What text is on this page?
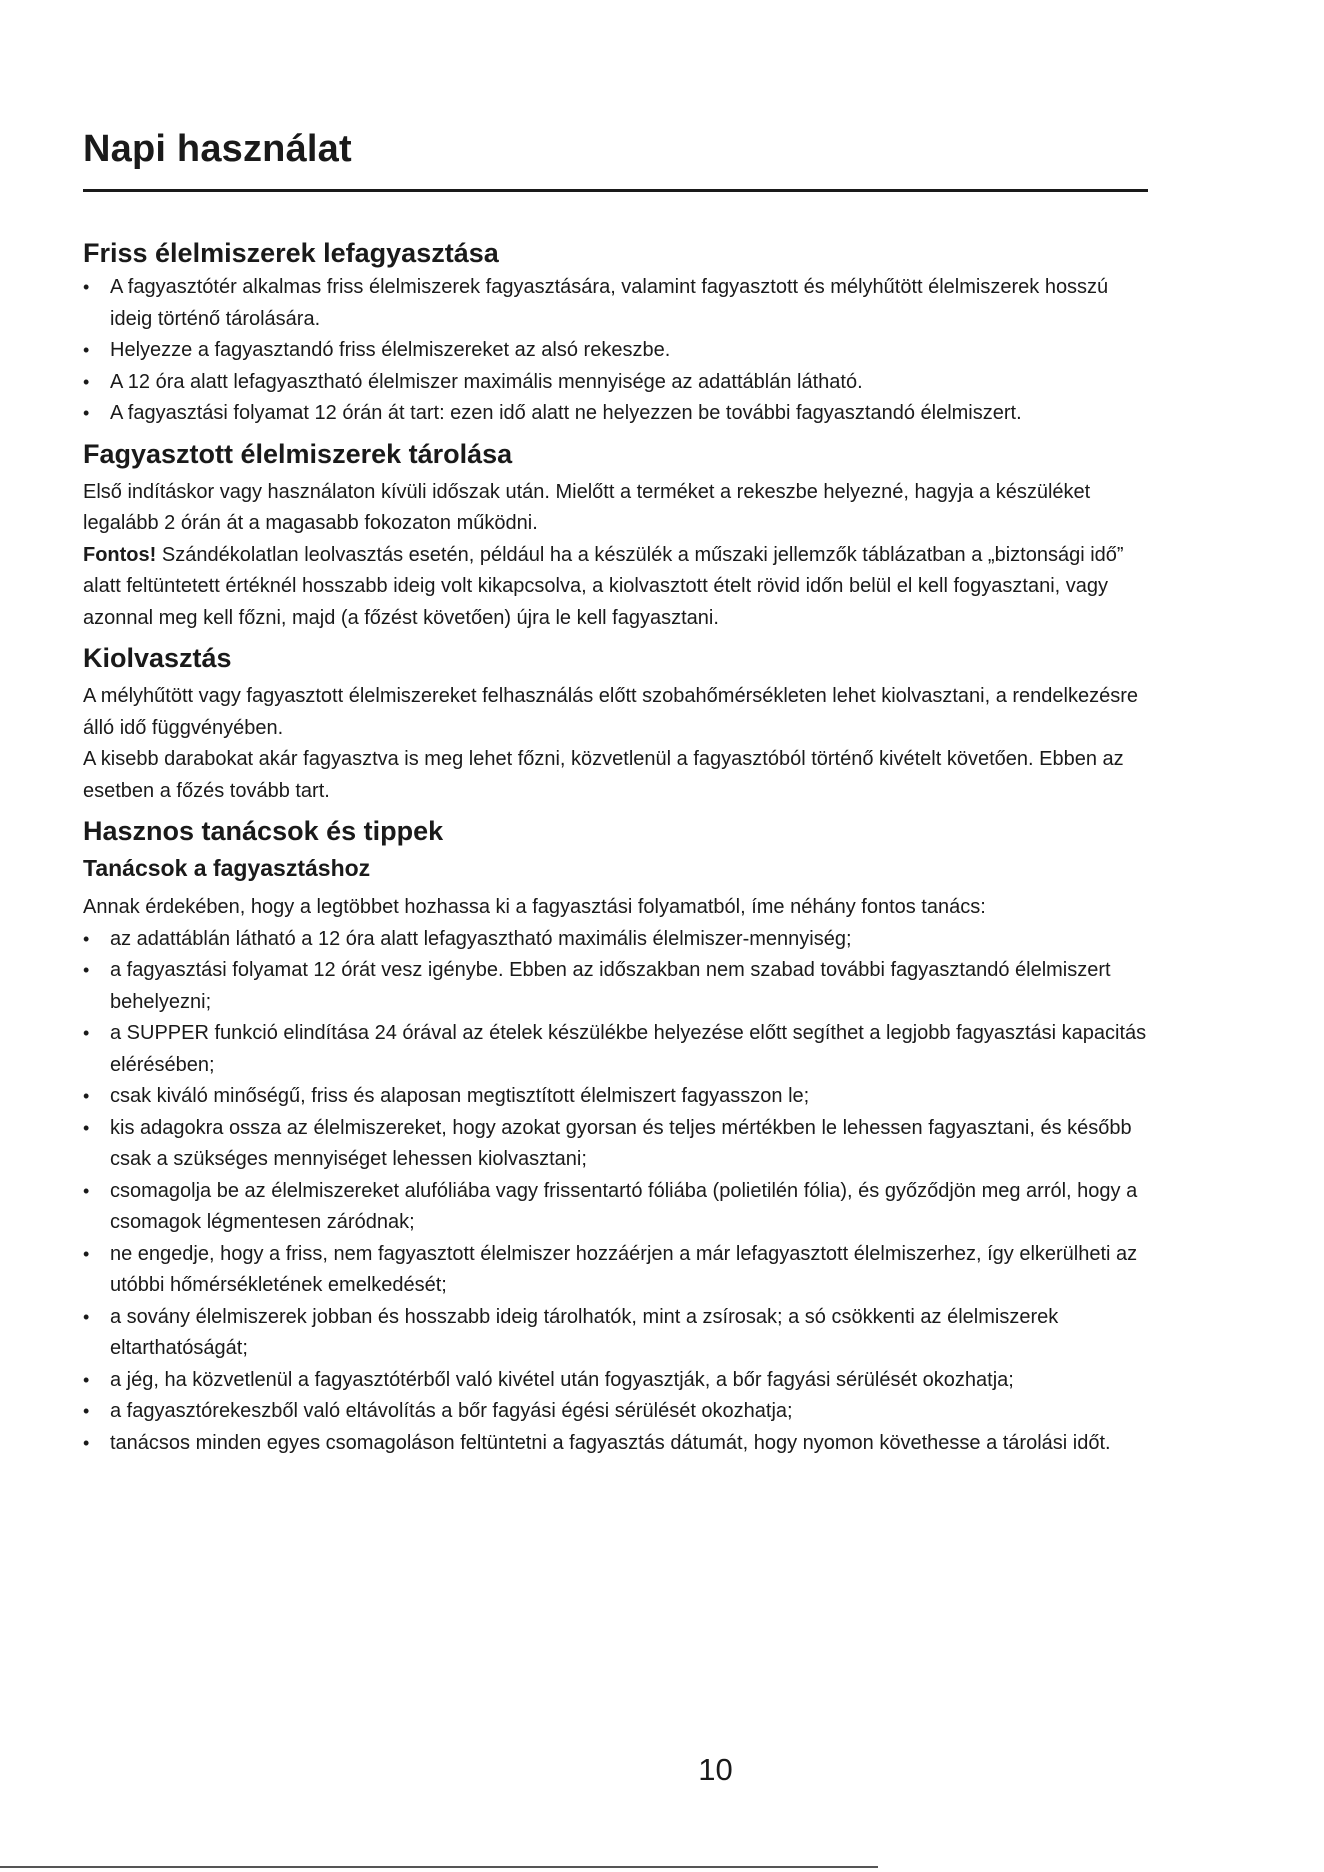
Napi használat
Friss élelmiszerek lefagyasztása
• A fagyasztótér alkalmas friss élelmiszerek fagyasztására, valamint fagyasztott és mélyhűtött élelmiszerek hosszú ideig történő tárolására.
• Helyezze a fagyasztandó friss élelmiszereket az alsó rekeszbe.
• A 12 óra alatt lefagyasztható élelmiszer maximális mennyisége az adattáblán látható.
• A fagyasztási folyamat 12 órán át tart: ezen idő alatt ne helyezzen be további fagyasztandó élelmiszert.
Fagyasztott élelmiszerek tárolása

Első indításkor vagy használaton kívüli időszak után. Mielőtt a terméket a rekeszbe helyezné, hagyja a készüléket legalább 2 órán át a magasabb fokozaton működni.

Fontos! Szándékolatlan leolvasztás esetén, például ha a készülék a műszaki jellemzők táblázatban a „biztonsági idő” alatt feltüntetett értéknél hosszabb ideig volt kikapcsolva, a kiolvasztott ételt rövid időn belül el kell fogyasztani, vagy azonnal meg kell főzni, majd (a főzést követően) újra le kell fagyasztani.

Kiolvasztás

A mélyhűtött vagy fagyasztott élelmiszereket felhasználás előtt szobahőmérsékleten lehet kiolvasztani, a rendelkezésre álló idő függvényében.

A kisebb darabokat akár fagyasztva is meg lehet főzni, közvetlenül a fagyasztóból történő kivételt követően. Ebben az esetben a főzés tovább tart.

Hasznos tanácsok és tippek
Tanácsok a fagyasztáshoz

Annak érdekében, hogy a legtöbbet hozhassa ki a fagyasztási folyamatból, íme néhány fontos tanács:

• az adattáblán látható a 12 óra alatt lefagyasztható maximális élelmiszer-mennyiség;
• a fagyasztási folyamat 12 órát vesz igénybe. Ebben az időszakban nem szabad további fagyasztandó élelmiszert behelyezni;
• a SUPPER funkció elindítása 24 órával az ételek készülékbe helyezése előtt segíthet a legjobb fagyasztási kapacitás elérésében;
• csak kiváló minőségű, friss és alaposan megtisztított élelmiszert fagyasszon le;
• kis adagokra ossza az élelmiszereket, hogy azokat gyorsan és teljes mértékben le lehessen fagyasztani, és később csak a szükséges mennyiséget lehessen kiolvasztani;
• csomagolja be az élelmiszereket alufóliába vagy frissentartó fóliába (polietilén fólia), és győződjön meg arról, hogy a csomagok légmentesen záródnak;
• ne engedje, hogy a friss, nem fagyasztott élelmiszer hozzáérjen a már lefagyasztott élelmiszerhez, így elkerülheti az utóbbi hőmérsékletének emelkedését;
• a sovány élelmiszerek jobban és hosszabb ideig tárolhatók, mint a zsírosak; a só csökkenti az élelmiszerek eltarthatóságát;
• a jég, ha közvetlenül a fagyasztótérből való kivétel után fogyasztják, a bőr fagyási sérülését okozhatja;
• a fagyasztórekeszből való eltávolítás a bőr fagyási égési sérülését okozhatja;
• tanácsos minden egyes csomagoláson feltüntetni a fagyasztás dátumát, hogy nyomon követhesse a tárolási időt.
10
